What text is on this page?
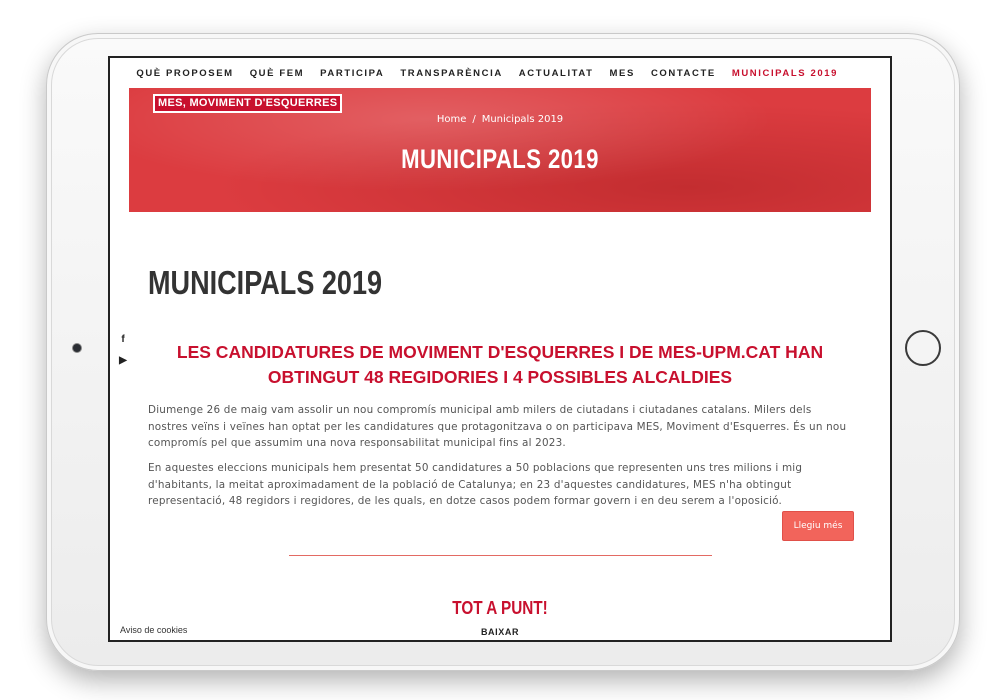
QUÈ PROPOSEM QUÈ FEM PARTICIPA TRANSPARÈNCIA ACTUALITAT MES CONTACTE MUNICIPALS 2019
MES, MOVIMENT D'ESQUERRES
Home / Municipals 2019
MUNICIPALS 2019
f
▶
MUNICIPALS 2019
LES CANDIDATURES DE MOVIMENT D'ESQUERRES I DE MES-UPM.CAT HAN OBTINGUT 48 REGIDORIES I 4 POSSIBLES ALCALDIES

Diumenge 26 de maig vam assolir un nou compromís municipal amb milers de ciutadans i ciutadanes catalans. Milers dels nostres veïns i veïnes han optat per les candidatures que protagonitzava o on participava MES, Moviment d'Esquerres. És un nou compromís pel que assumim una nova responsabilitat municipal fins al 2023.

En aquestes eleccions municipals hem presentat 50 candidatures a 50 poblacions que representen uns tres milions i mig d'habitants, la meitat aproximadament de la població de Catalunya; en 23 d'aquestes candidatures, MES n'ha obtingut representació, 48 regidors i regidores, de les quals, en dotze casos podem formar govern i en deu serem a l'oposició.

Llegiu més
TOT A PUNT!
BAIXAR
Aviso de cookies
